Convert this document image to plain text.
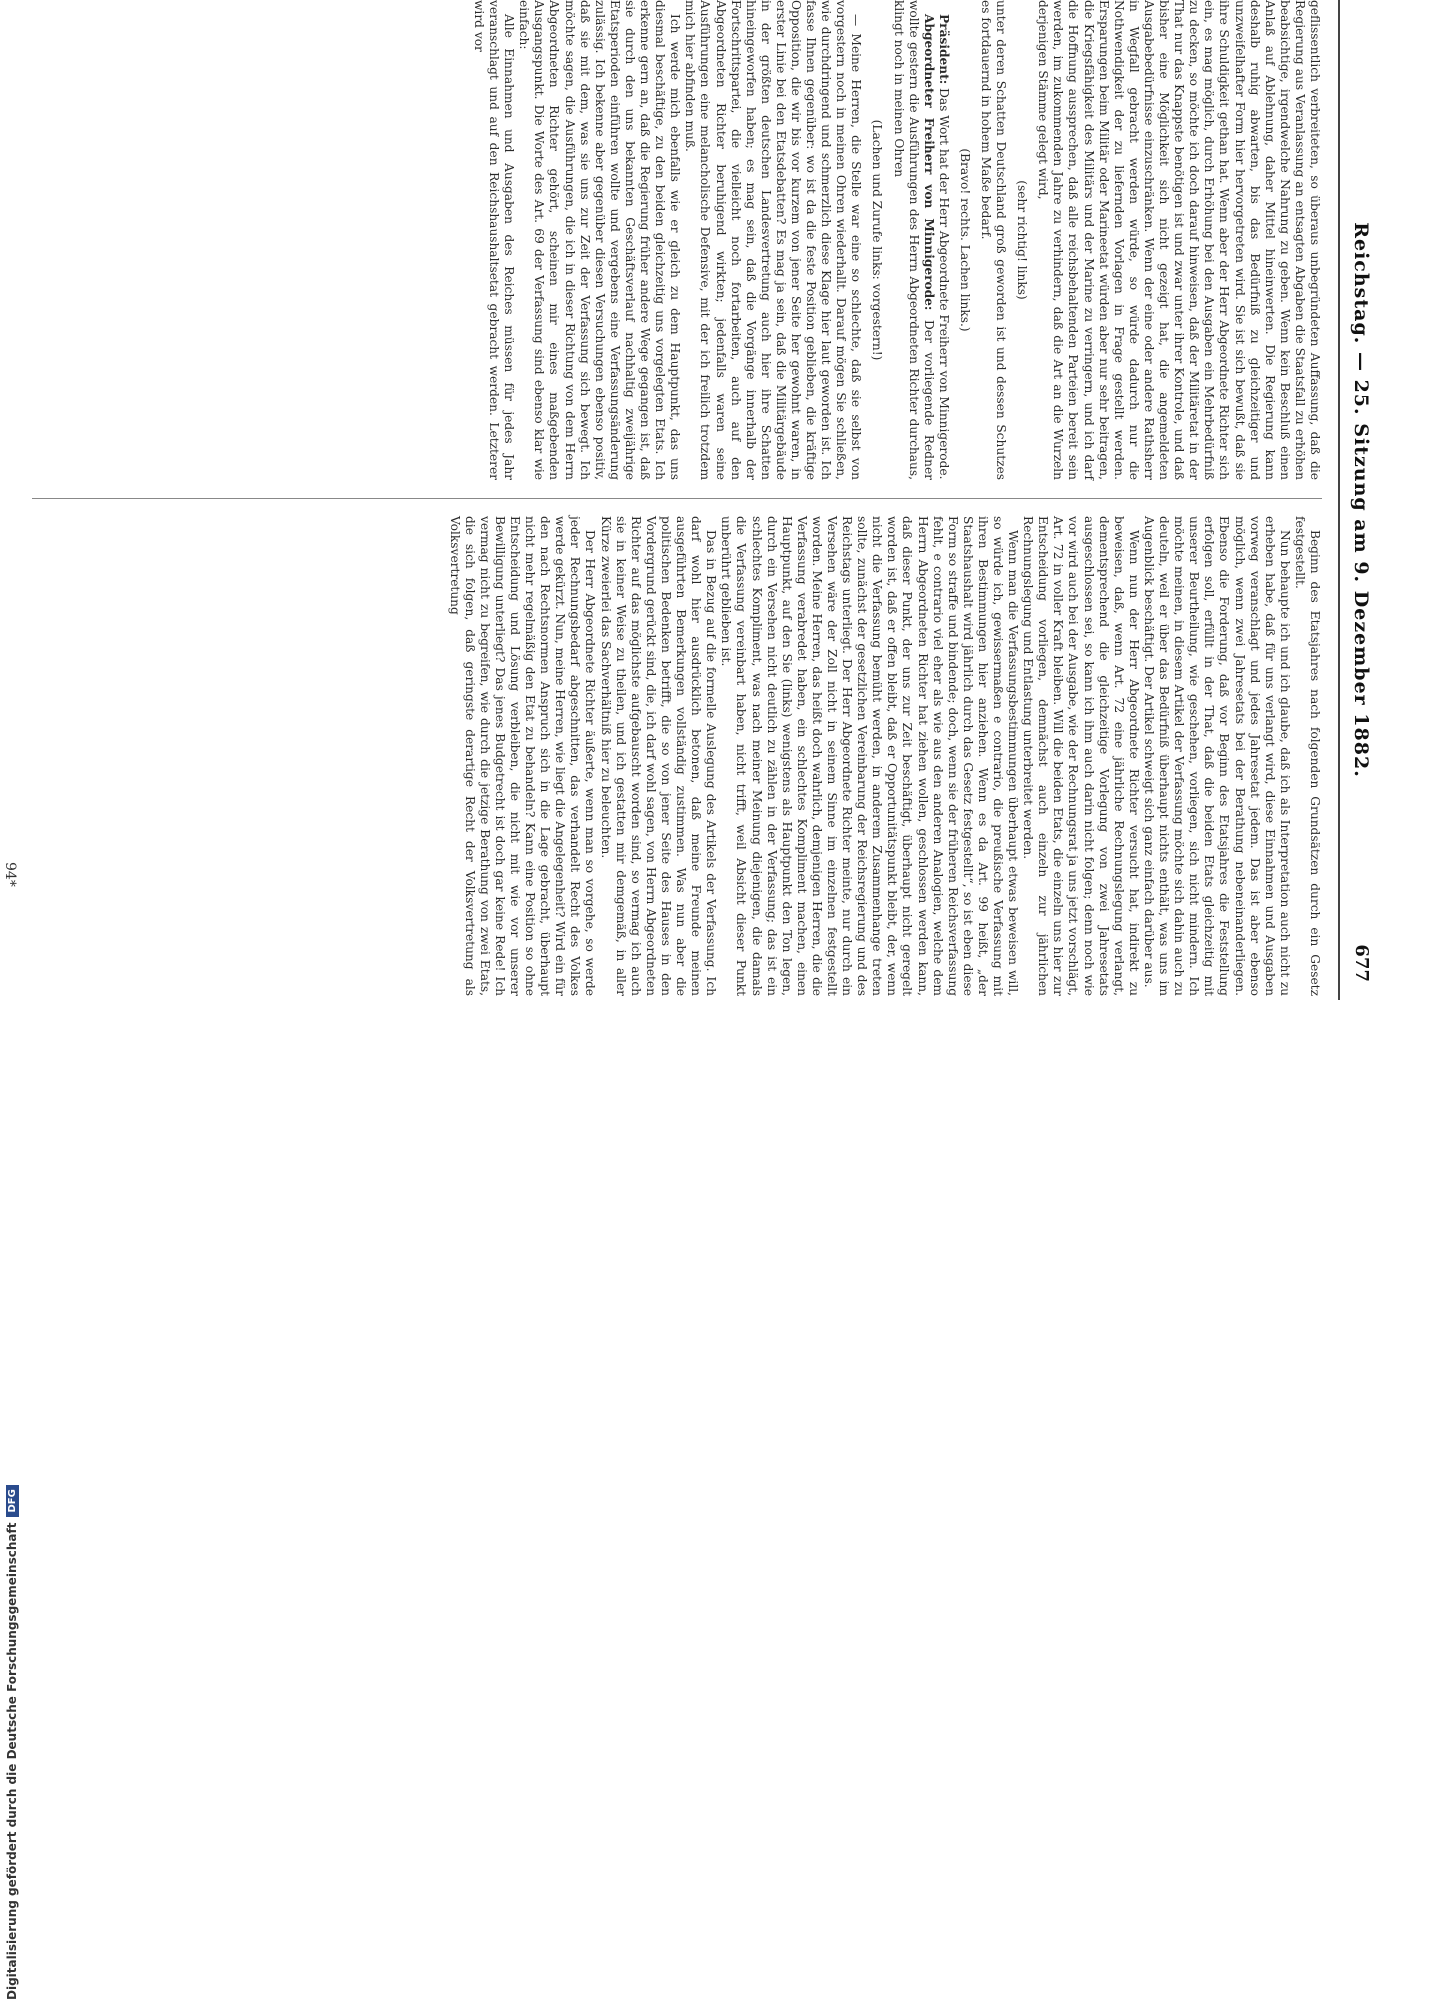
Reichstag. — 25. Sitzung am 9. Dezember 1882.
677

geflissentlich verbreiteten, so überaus unbegründeten Auffassung, daß die Regierung aus Veranlassung an entsagten Abgaben die Staatsfall zu erhöhen beabsichtige, irgendwelche Nahrung zu geben. Wenn kein Beschluß einen Anlaß auf Ablehnung, daher Mittel hineinwerten. Die Regierung kann deshalb ruhig abwarten, bis das Bedürfniß zu gleichzeitiger und unzweifelhafter Form hier hervorgetreten wird. Sie ist sich bewußt, daß sie ihre Schuldigkeit gethan hat. Wenn aber der Herr Abgeordnete Richter sich ein, es mag möglich, durch Erhöhung bei den Ausgaben ein Mehrbedürfniß zu decken, so möchte ich doch darauf hinweisen, daß der Militäretat in der That nur das Knappste benötigen ist und zwar unter ihrer Kontrole, und daß bisher eine Möglichkeit sich nicht gezeigt hat, die angemeldeten Ausgabebedürfnisse einzuschränken. Wenn der eine oder andere Rathsherr in Wegfall gebracht werden würde, so würde dadurch nur die Nothwendigkeit der zu liefernden Vorlagen in Frage gestellt werden. Ersparungen beim Militär oder Marineetat würden aber nur sehr beitragen, die Kriegsfähigkeit des Militärs und der Marine zu verringern, und ich darf die Hoffnung aussprechen, daß alle reichsbehaltenden Parteien bereit sein werden, im zukommenden Jahre zu verhindern, daß die Art an die Wurzeln derjenigen Stämme gelegt wird,

(sehr richtig! links)

unter deren Schatten Deutschland groß geworden ist und dessen Schutzes es fortdauernd in hohem Maße bedarf.

(Bravo! rechts. Lachen links.)

Präsident: Das Wort hat der Herr Abgeordnete Freiherr von Minnigerode.

Abgeordneter Freiherr von Minnigerode: Der vorliegende Redner wollte gestern die Ausführungen des Herrn Abgeordneten Richter durchaus, klingt noch in meinen Ohren

(Lachen und Zurufe links: vorgestern!)

— Meine Herren, die Stelle war eine so schlechte, daß sie selbst von vorgestern noch in meinen Ohren wiederhallt. Darauf mögen Sie schließen, wie durchdringend und schmerzlich diese Klage hier laut geworden ist. Ich fasse Ihnen gegenüber: wo ist da die feste Position geblieben, die kräftige Opposition, die wir bis vor kurzem von jener Seite her gewohnt waren, in erster Linie bei den Etatsdebatten? Es mag ja sein, daß die Militärgebäude in der größten deutschen Landesvertretung auch hier ihre Schatten hineingeworfen haben; es mag sein, daß die Vorgänge innerhalb der Fortschrittspartei, die vielleicht noch fortarbeiten, auch auf den Abgeordneten Richter beruhigend wirkten; jedenfalls waren seine Ausführungen eine melancholische Defensive, mit der ich freilich trotzdem mich hier abfinden muß.

Ich werde mich ebenfalls wie er gleich zu dem Hauptpunkt, das uns diesmal beschäftige, zu den beiden gleichzeitig uns vorgelegten Etats. Ich erkenne gern an, daß die Regierung früher andere Wege gegangen ist, daß sie durch den uns bekannten Geschäftsverlauf nachhaltig zweijährige Etatsperioden einführen wollte und vergebens eine Verfassungsänderung zulässig. Ich bekenne aber gegenüber diesen Versuchungen ebenso positiv, daß sie mit dem, was sie uns zur Zeit der Verfassung sich bewegt. Ich möchte sagen, die Ausführungen, die ich in dieser Richtung von dem Herrn Abgeordneten Richter gehört, scheinen mir eines maßgebenden Ausgangspunkt. Die Worte des Art. 69 der Verfassung sind ebenso klar wie einfach:

Alle Einnahmen und Ausgaben des Reiches müssen für jedes Jahr veranschlagt und auf den Reichshaushaltsetat gebracht werden. Letzterer wird vor

Beginn des Etatsjahres nach folgenden Grundsätzen durch ein Gesetz festgestellt.

Nun behaupte ich und ich glaube, daß ich als Interpretation auch nicht zu erheben habe, daß für uns verlangt wird, diese Einnahmen und Ausgaben vorweg veranschlagt und jedes Jahresetat jedem. Das ist aber ebenso möglich, wenn zwei Jahresetats bei der Berathung nebeneinanderliegen. Ebenso die Forderung, daß vor Beginn des Etatsjahres die Feststellung erfolgen soll, erfüllt in der That, daß die beiden Etats gleichzeitig mit unserer Beurtheilung, wie geschehen, vorliegen, sich nicht mindern. Ich möchte meinen, in diesem Artikel der Verfassung möchte sich dahin auch zu deuteln, weil er über das Bedürfniß überhaupt nichts enthält, was uns im Augenblick beschäftigt. Der Artikel schweigt sich ganz einfach darüber aus.

Wenn nun der Herr Abgeordnete Richter versucht hat, indirekt zu beweisen, daß, wenn Art. 72 eine jährliche Rechnungslegung verlangt, dementsprechend die gleichzeitige Vorlegung von zwei Jahresetats ausgeschlossen sei, so kann ich ihm auch darin nicht folgen; denn noch wie vor wird auch bei der Ausgabe, wie der Rechnungsrat ja uns jetzt vorschlägt, Art. 72 in voller Kraft bleiben. Will die beiden Etats, die einzeln uns hier zur Entscheidung vorliegen, demnächst auch einzeln zur jährlichen Rechnungslegung und Entlastung unterbreitet werden.

Wenn man die Verfassungsbestimmungen überhaupt etwas beweisen will, so würde ich, gewissermaßen e contrario, die preußische Verfassung mit ihren Bestimmungen hier anziehen. Wenn es da Art. 99 heißt, „der Staatshaushalt wird jährlich durch das Gesetz festgestellt“, so ist eben diese Form so straffe und bindende; doch, wenn sie der früheren Reichsverfassung fehlt, e contrario viel eher als wie aus den anderen Analogien, welche dem Herrn Abgeordneten Richter hat ziehen wollen, geschlossen werden kann, daß dieser Punkt, der uns zur Zeit beschäftigt, überhaupt nicht geregelt worden ist, daß er offen bleibt, daß er Opportunitätspunkt bleibt, der, wenn nicht die Verfassung bemüht werden, in anderem Zusammenhange treten sollte, zunächst der gesetzlichen Vereinbarung der Reichsregierung und des Reichstags unterliegt. Der Herr Abgeordnete Richter meinte, nur durch ein Versehen wäre der Zoll nicht in seinem Sinne im einzelnen festgestellt worden. Meine Herren, das heißt doch wahrlich, demjenigen Herren, die die Verfassung verabredet haben, ein schlechtes Kompliment machen, einen Hauptpunkt, auf den Sie (links) wenigstens als Hauptpunkt den Ton legen, durch ein Versehen nicht deutlich zu zählen in der Verfassung; das ist ein schlechtes Kompliment, was nach meiner Meinung diejenigen, die damals die Verfassung vereinbart haben, nicht trifft, weil Absicht dieser Punkt unberührt geblieben ist.

Das in Bezug auf die formelle Auslegung des Artikels der Verfassung. Ich darf wohl hier ausdrücklich betonen, daß meine Freunde meinen ausgeführten Bemerkungen vollständig zustimmen. Was nun aber die politischen Bedenken betrifft, die so von jener Seite des Hauses in den Vordergrund gerückt sind, die, ich darf wohl sagen, von Herrn Abgeordneten Richter auf das möglichste aufgebauscht worden sind, so vermag ich auch sie in keiner Weise zu theilen, und ich gestatten mir demgemäß, in aller Kürze zweierlei das Sachverhältniß hier zu beleuchten.

Der Herr Abgeordnete Richter äußerte, wenn man so vorgehe, so werde jeder Rechnungsbedarf abgeschnitten, das verhandelt Recht des Volkes werde gekürzt. Nun, meine Herren, wie liegt die Angelegenheit? Wird ein für den nach Rechtsnormen Anspruch sich in die Lage gebracht, überhaupt nicht mehr regelmäßig den Etat zu behandeln? Kann eine Position so ohne Entscheidung und Lösung verbleiben, die nicht mit wie vor unserer Bewilligung unterliegt? Das jenes Budgetrecht ist doch gar keine Rede! Ich vermag nicht zu begreifen, wie durch die jetzige Berathung von zwei Etats, die sich folgen, daß geringste derartige Recht der Volksvertretung als Volksvertretung

94*
Digitalisierung gefördert durch die Deutsche Forschungsgemeinschaft
DFG
